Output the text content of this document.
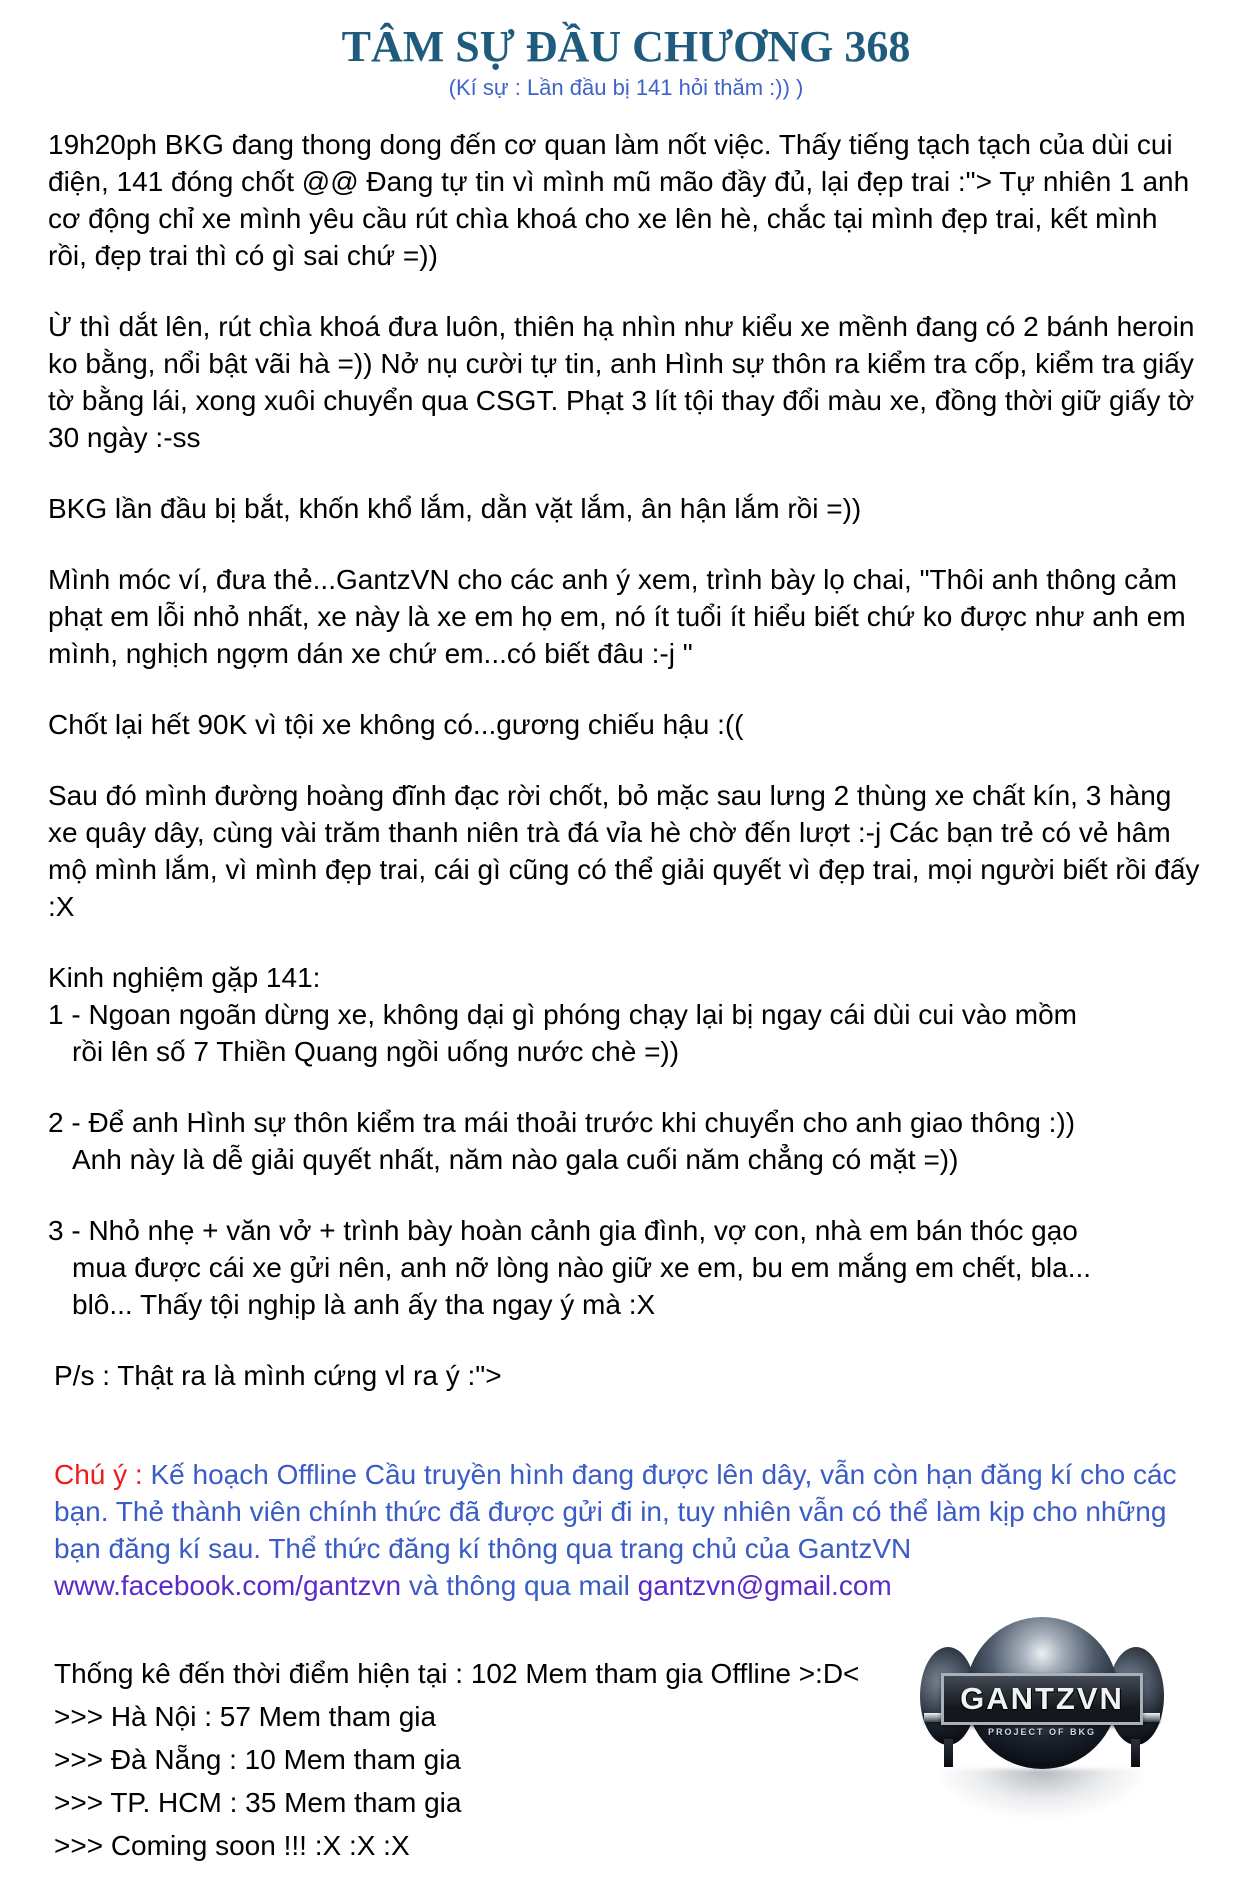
TÂM SỰ ĐẦU CHƯƠNG 368
(Kí sự : Lần đầu bị 141 hỏi thăm :)) )

19h20ph BKG đang thong dong đến cơ quan làm nốt việc. Thấy tiếng tạch tạch của dùi cui điện, 141 đóng chốt @@ Đang tự tin vì mình mũ mão đầy đủ, lại đẹp trai :"> Tự nhiên 1 anh cơ động chỉ xe mình yêu cầu rút chìa khoá cho xe lên hè, chắc tại mình đẹp trai, kết mình rồi, đẹp trai thì có gì sai chứ =))

Ừ thì dắt lên, rút chìa khoá đưa luôn, thiên hạ nhìn như kiểu xe mềnh đang có 2 bánh heroin ko bằng, nổi bật vãi hà =)) Nở nụ cười tự tin, anh Hình sự thôn ra kiểm tra cốp, kiểm tra giấy tờ bằng lái, xong xuôi chuyển qua CSGT. Phạt 3 lít tội thay đổi màu xe, đồng thời giữ giấy tờ 30 ngày :-ss

BKG lần đầu bị bắt, khốn khổ lắm, dằn vặt lắm, ân hận lắm rồi =))

Mình móc ví, đưa thẻ...GantzVN cho các anh ý xem, trình bày lọ chai, "Thôi anh thông cảm phạt em lỗi nhỏ nhất, xe này là xe em họ em, nó ít tuổi ít hiểu biết chứ ko được như anh em mình, nghịch ngợm dán xe chứ em...có biết đâu :-j "

Chốt lại hết 90K vì tội xe không có...gương chiếu hậu :((

Sau đó mình đường hoàng đĩnh đạc rời chốt, bỏ mặc sau lưng 2 thùng xe chất kín, 3 hàng xe quây dây, cùng vài trăm thanh niên trà đá vỉa hè chờ đến lượt :-j Các bạn trẻ có vẻ hâm mộ mình lắm, vì mình đẹp trai, cái gì cũng có thể giải quyết vì đẹp trai, mọi người biết rồi đấy :X

Kinh nghiệm gặp 141:
1 - Ngoan ngoãn dừng xe, không dại gì phóng chạy lại bị ngay cái dùi cui vào mồm
rồi lên số 7 Thiền Quang ngồi uống nước chè =))
2 - Để anh Hình sự thôn kiểm tra mái thoải trước khi chuyển cho anh giao thông :))
Anh này là dễ giải quyết nhất, năm nào gala cuối năm chẳng có mặt =))
3 - Nhỏ nhẹ + văn vở + trình bày hoàn cảnh gia đình, vợ con, nhà em bán thóc gạo
mua được cái xe gửi nên, anh nỡ lòng nào giữ xe em, bu em mắng em chết, bla...
blô... Thấy tội nghịp là anh ấy tha ngay ý mà :X

P/s : Thật ra là mình cứng vl ra ý :">

Chú ý : Kế hoạch Offline Cầu truyền hình đang được lên dây, vẫn còn hạn đăng kí cho các bạn. Thẻ thành viên chính thức đã được gửi đi in, tuy nhiên vẫn có thể làm kịp cho những bạn đăng kí sau. Thể thức đăng kí thông qua trang chủ của GantzVN www.facebook.com/gantzvn và thông qua mail gantzvn@gmail.com

Thống kê đến thời điểm hiện tại : 102 Mem tham gia Offline >:D<
>>> Hà Nội : 57 Mem tham gia
>>> Đà Nẵng : 10 Mem tham gia
>>> TP. HCM : 35 Mem tham gia
>>> Coming soon !!! :X :X :X
GANTZVN
PROJECT OF BKG
